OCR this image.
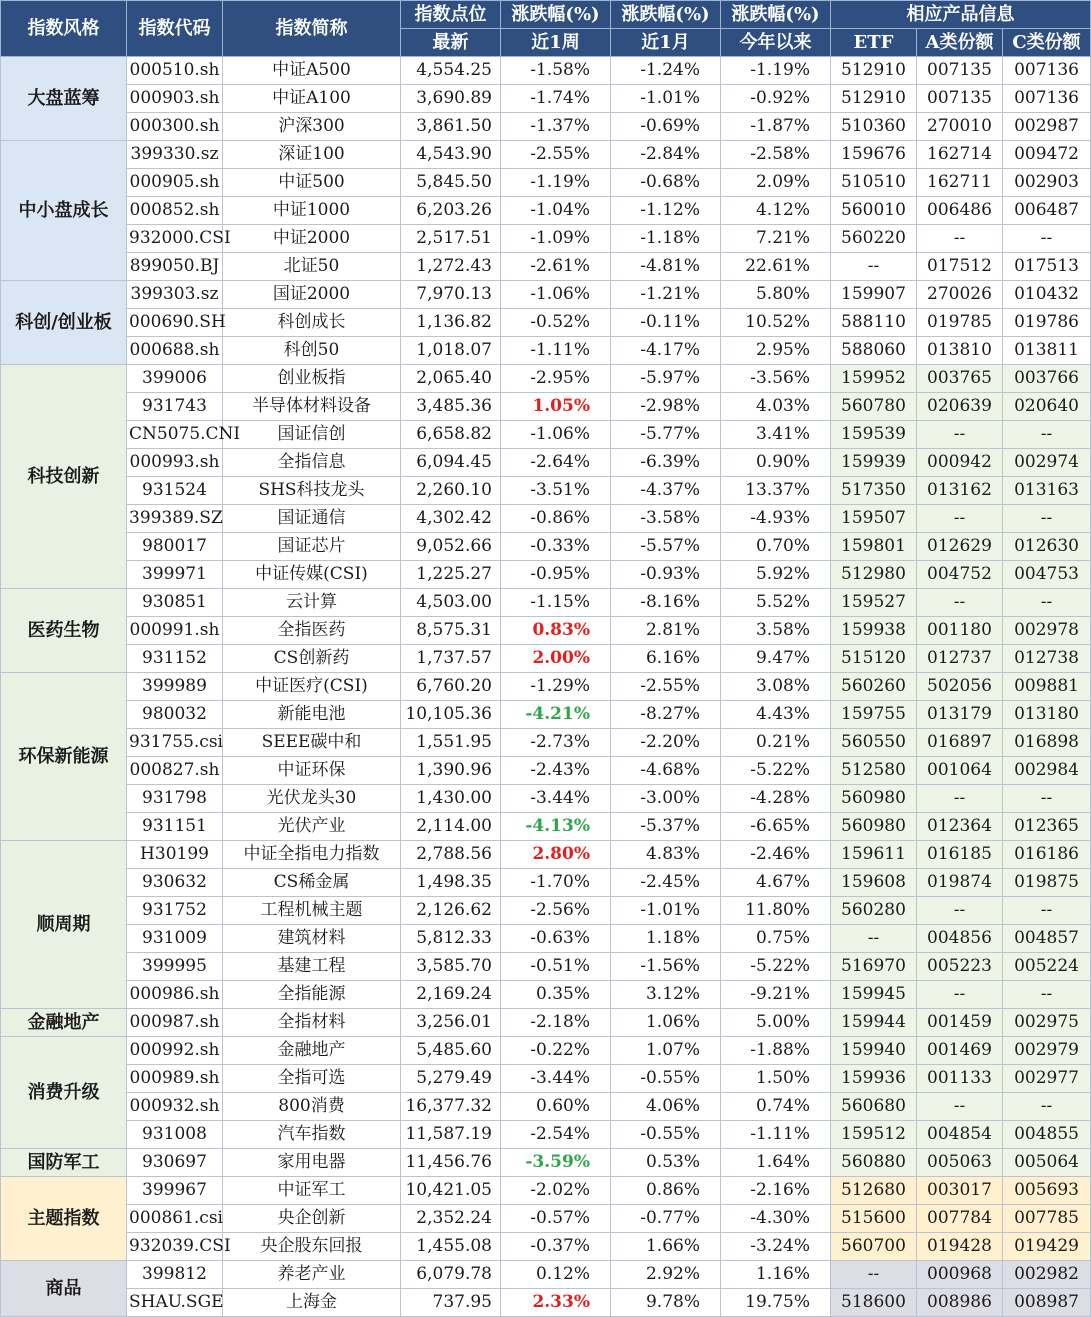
指数风格	指数代码	指数简称	指数点位	涨跌幅(%)	涨跌幅(%)	涨跌幅(%)	相应产品信息		
			最新	近1周	近1月	今年以来	ETF	A类份额	C类份额
大盘蓝筹	000510.sh	中证A500	4,554.25	-1.58%	-1.24%	-1.19%	512910	007135	007136
	000903.sh	中证A100	3,690.89	-1.74%	-1.01%	-0.92%	512910	007135	007136
	000300.sh	沪深300	3,861.50	-1.37%	-0.69%	-1.87%	510360	270010	002987
中小盘成长	399330.sz	深证100	4,543.90	-2.55%	-2.84%	-2.58%	159676	162714	009472
	000905.sh	中证500	5,845.50	-1.19%	-0.68%	2.09%	510510	162711	002903
	000852.sh	中证1000	6,203.26	-1.04%	-1.12%	4.12%	560010	006486	006487
	932000.CSI	中证2000	2,517.51	-1.09%	-1.18%	7.21%	560220	--	--
	899050.BJ	北证50	1,272.43	-2.61%	-4.81%	22.61%	--	017512	017513
科创/创业板	399303.sz	国证2000	7,970.13	-1.06%	-1.21%	5.80%	159907	270026	010432
	000690.SH	科创成长	1,136.82	-0.52%	-0.11%	10.52%	588110	019785	019786
	000688.sh	科创50	1,018.07	-1.11%	-4.17%	2.95%	588060	013810	013811
科技创新	399006	创业板指	2,065.40	-2.95%	-5.97%	-3.56%	159952	003765	003766
	931743	半导体材料设备	3,485.36	1.05%	-2.98%	4.03%	560780	020639	020640
	CN5075.CNI	国证信创	6,658.82	-1.06%	-5.77%	3.41%	159539	--	--
	000993.sh	全指信息	6,094.45	-2.64%	-6.39%	0.90%	159939	000942	002974
	931524	SHS科技龙头	2,260.10	-3.51%	-4.37%	13.37%	517350	013162	013163
	399389.SZ	国证通信	4,302.42	-0.86%	-3.58%	-4.93%	159507	--	--
	980017	国证芯片	9,052.66	-0.33%	-5.57%	0.70%	159801	012629	012630
	399971	中证传媒(CSI)	1,225.27	-0.95%	-0.93%	5.92%	512980	004752	004753
医药生物	930851	云计算	4,503.00	-1.15%	-8.16%	5.52%	159527	--	--
	000991.sh	全指医药	8,575.31	0.83%	2.81%	3.58%	159938	001180	002978
	931152	CS创新药	1,737.57	2.00%	6.16%	9.47%	515120	012737	012738
环保新能源	399989	中证医疗(CSI)	6,760.20	-1.29%	-2.55%	3.08%	560260	502056	009881
	980032	新能电池	10,105.36	-4.21%	-8.27%	4.43%	159755	013179	013180
	931755.csi	SEEE碳中和	1,551.95	-2.73%	-2.20%	0.21%	560550	016897	016898
	000827.sh	中证环保	1,390.96	-2.43%	-4.68%	-5.22%	512580	001064	002984
	931798	光伏龙头30	1,430.00	-3.44%	-3.00%	-4.28%	560980	--	--
	931151	光伏产业	2,114.00	-4.13%	-5.37%	-6.65%	560980	012364	012365
顺周期	H30199	中证全指电力指数	2,788.56	2.80%	4.83%	-2.46%	159611	016185	016186
	930632	CS稀金属	1,498.35	-1.70%	-2.45%	4.67%	159608	019874	019875
	931752	工程机械主题	2,126.62	-2.56%	-1.01%	11.80%	560280	--	--
	931009	建筑材料	5,812.33	-0.63%	1.18%	0.75%	--	004856	004857
	399995	基建工程	3,585.70	-0.51%	-1.56%	-5.22%	516970	005223	005224
	000986.sh	全指能源	2,169.24	0.35%	3.12%	-9.21%	159945	--	--
金融地产	000987.sh	全指材料	3,256.01	-2.18%	1.06%	5.00%	159944	001459	002975
消费升级	000992.sh	金融地产	5,485.60	-0.22%	1.07%	-1.88%	159940	001469	002979
	000989.sh	全指可选	5,279.49	-3.44%	-0.55%	1.50%	159936	001133	002977
	000932.sh	800消费	16,377.32	0.60%	4.06%	0.74%	560680	--	--
	931008	汽车指数	11,587.19	-2.54%	-0.55%	-1.11%	159512	004854	004855
国防军工	930697	家用电器	11,456.76	-3.59%	0.53%	1.64%	560880	005063	005064
主题指数	399967	中证军工	10,421.05	-2.02%	0.86%	-2.16%	512680	003017	005693
	000861.csi	央企创新	2,352.24	-0.57%	-0.77%	-4.30%	515600	007784	007785
	932039.CSI	央企股东回报	1,455.08	-0.37%	1.66%	-3.24%	560700	019428	019429
商品	399812	养老产业	6,079.78	0.12%	2.92%	1.16%	--	000968	002982
	SHAU.SGE	上海金	737.95	2.33%	9.78%	19.75%	518600	008986	008987
